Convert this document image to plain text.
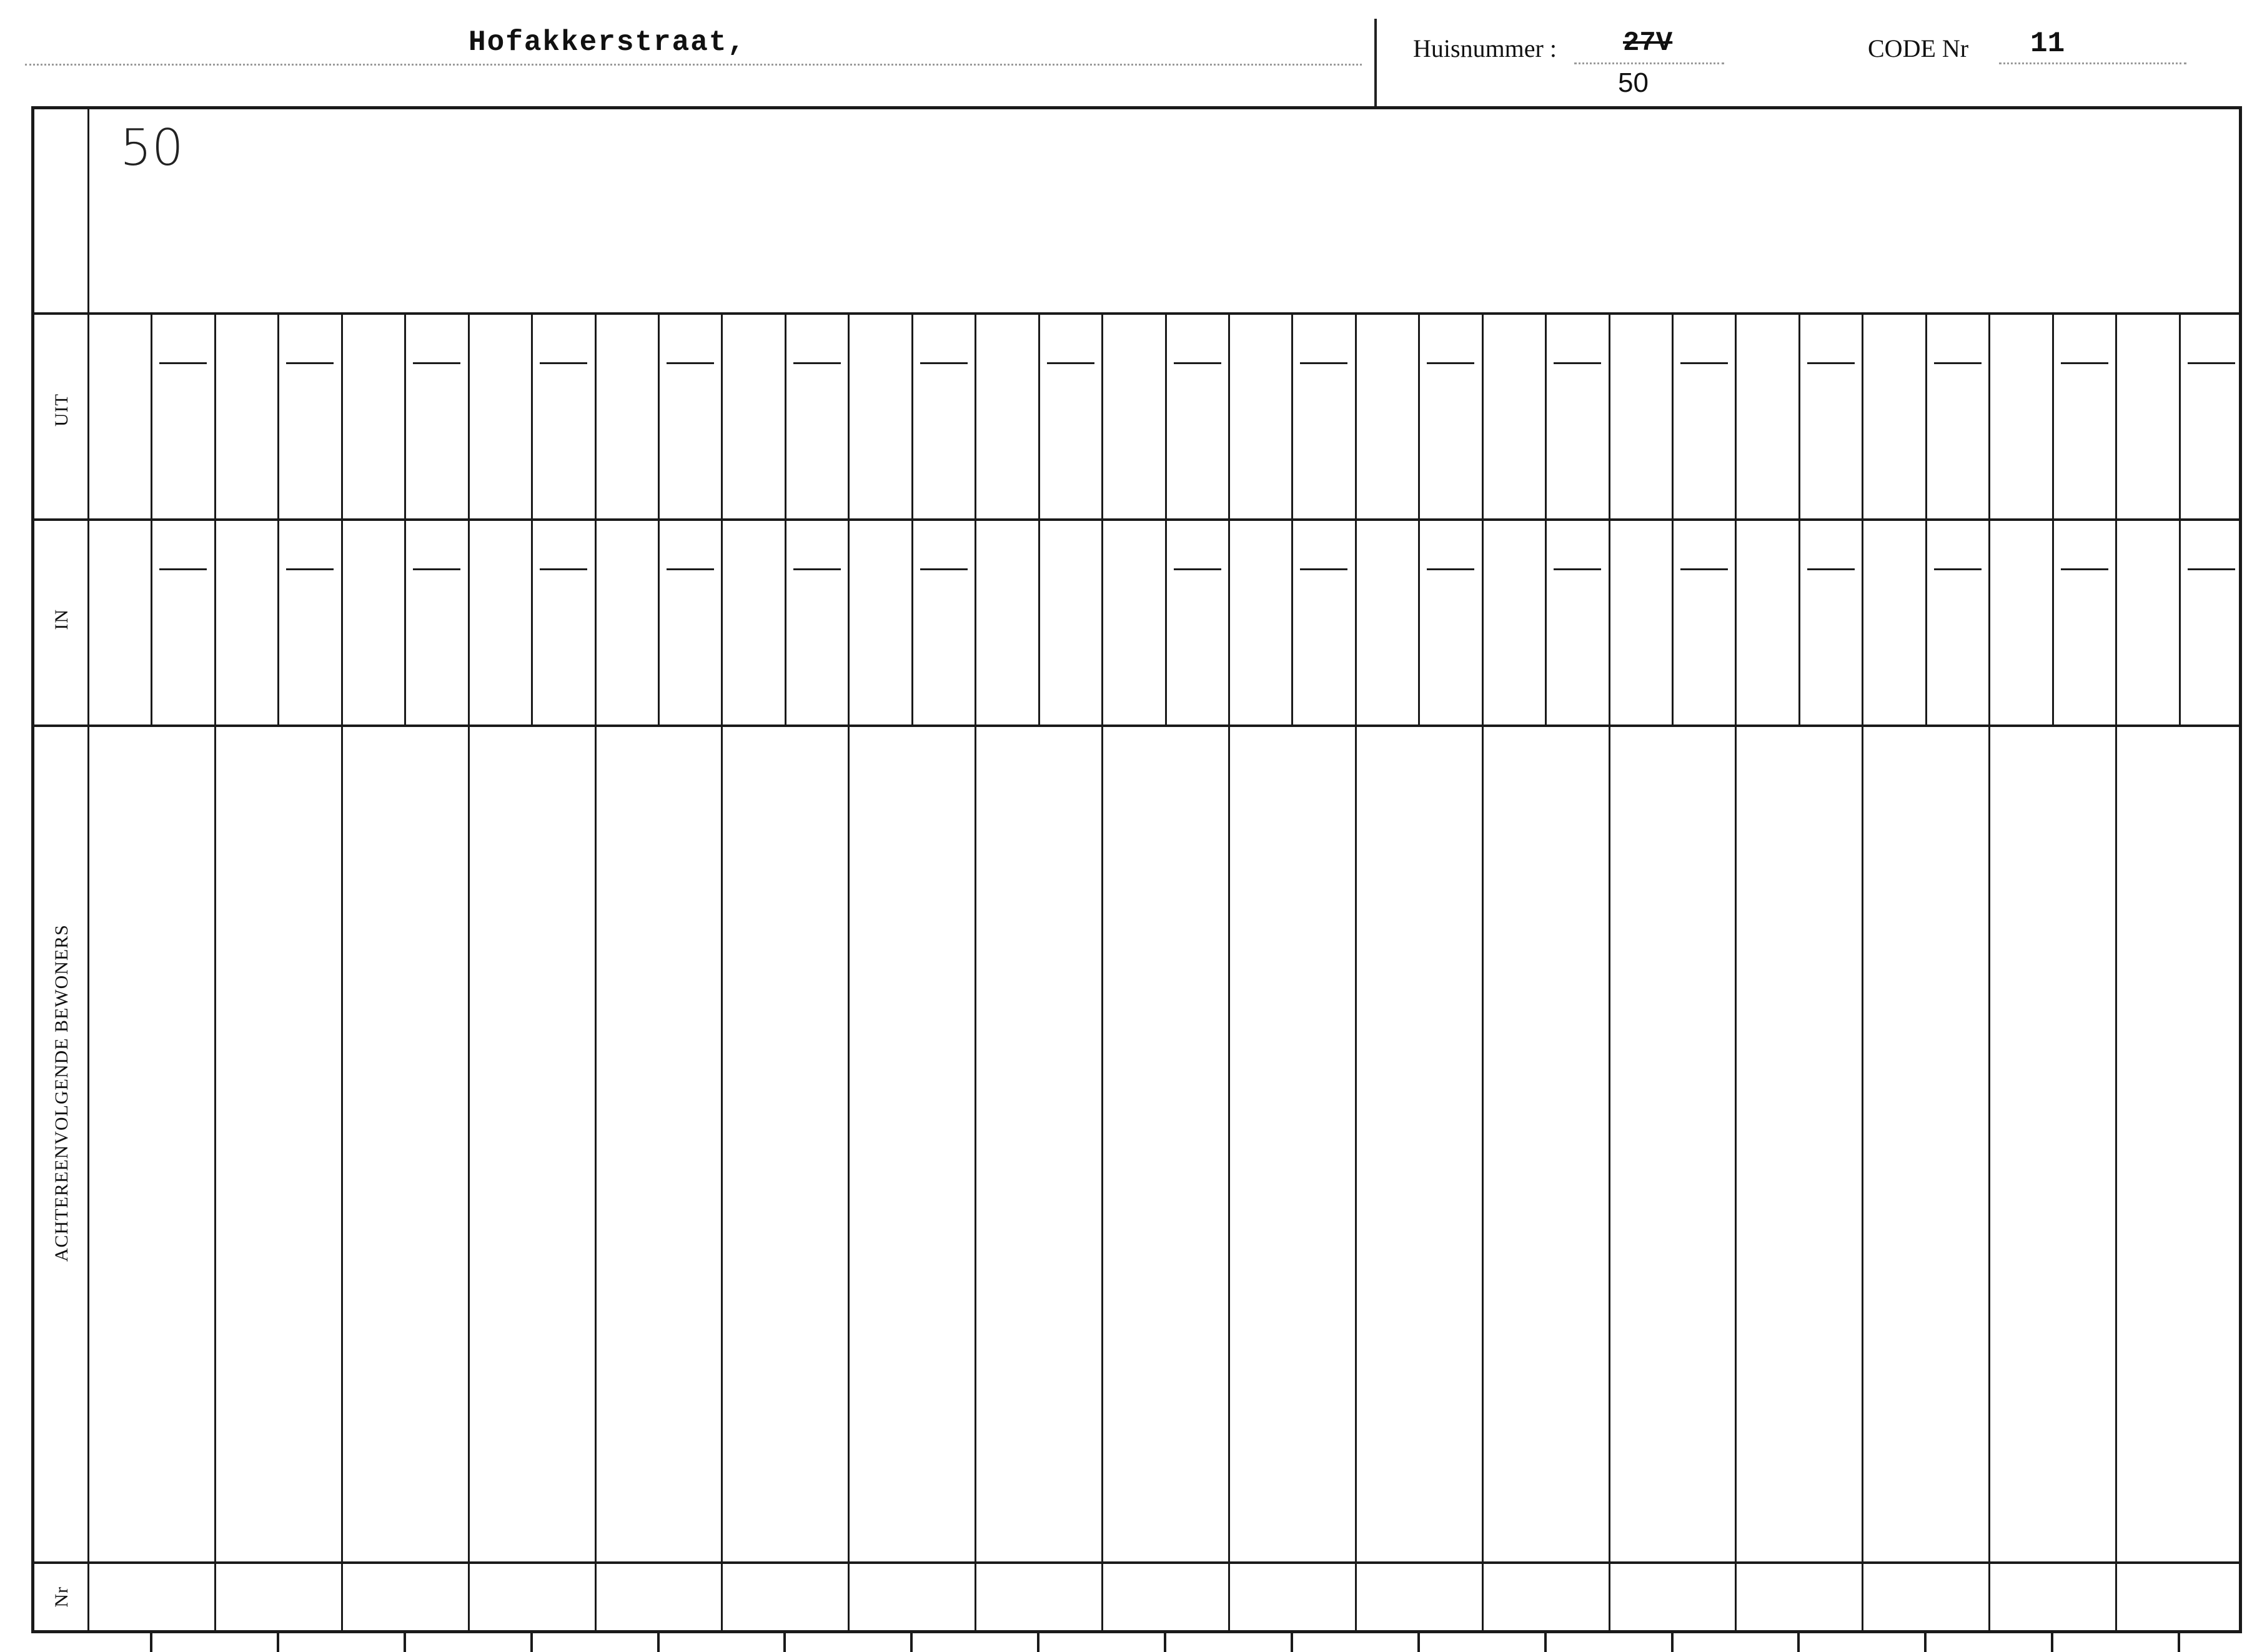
Hofakkerstraat,	Huisnummer : 27V
50
CODE Nr 11
50
UIT
IN
ACHTEREENVOLGENDE BEWONERS
Nr
